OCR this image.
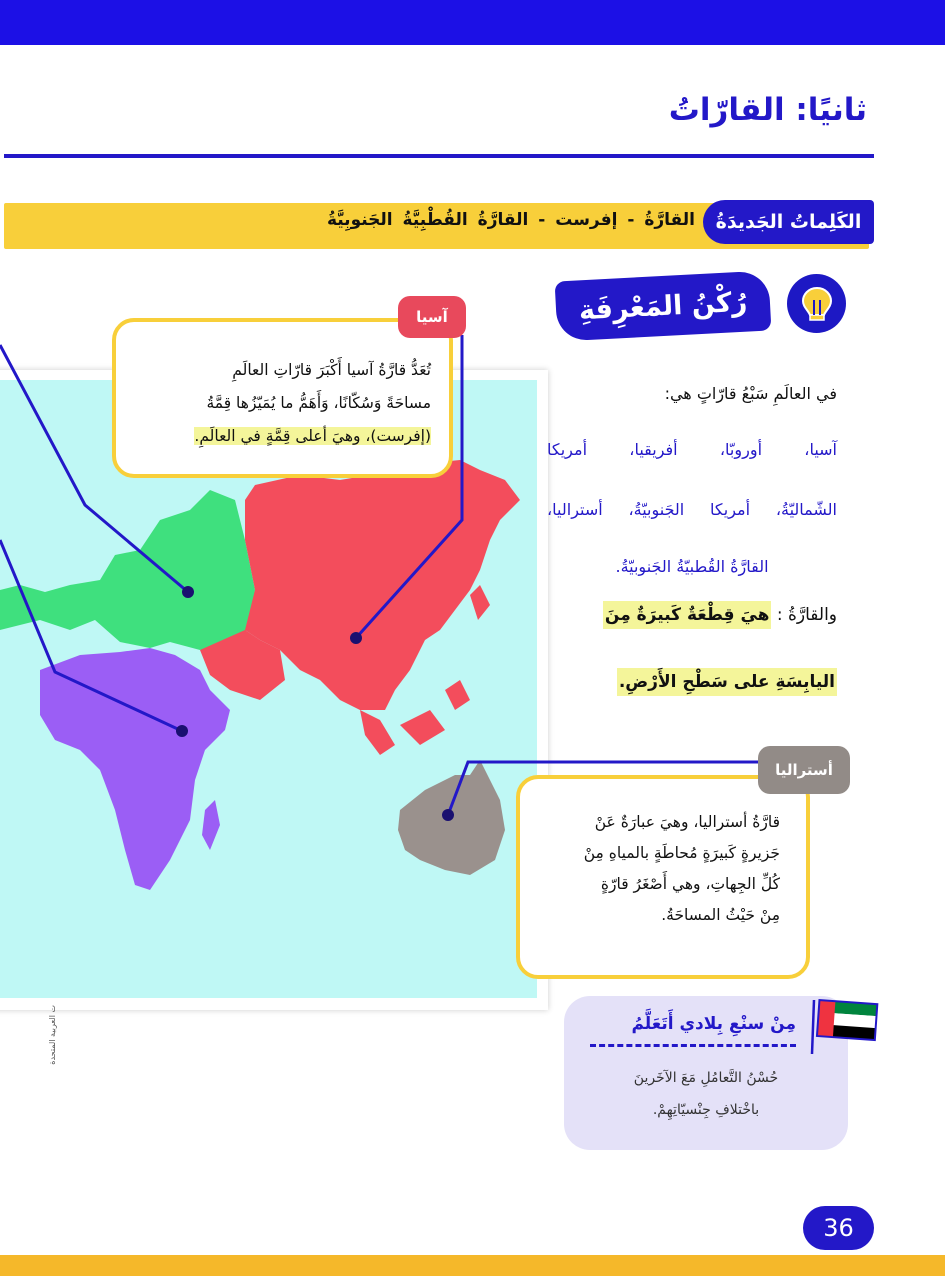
ثانيًا: القارّاتُ
القارَّةُ - إفرست - القارَّةُ القُطْبِيَّةُ الجَنوبِيَّةُ	الكَلِماتُ الجَديدَةُ
تُعَدُّ قارَّةُ آسيا أَكْبَرَ قارّاتِ العالَمِ
مساحَةً وَسُكّانًا، وَأَهَمُّ ما يُمَيّزُها قِمَّةُ
(إفرست)، وهيَ أعلى قِمَّةٍ في العالَمِ.
آسيا	رُكْنُ المَعْرِفَةِ
في العالَمِ سَبْعُ قارّاتٍ هي:
آسيا، أوروبّا، أفريقيا، أمريكا
الشّماليّةُ، أمريكا الجَنوبيّةُ، أستراليا،
القارَّةُ القُطبيّةُ الجَنوبيّةُ.
والقارَّةُ : هيَ قِطْعَةٌ كَبيرَةٌ مِنَ
اليابِسَةِ على سَطْحِ الأَرْضِ.
قارَّةُ أستراليا، وهيَ عبارَةٌ عَنْ
جَزيرةٍ كَبيرَةٍ مُحاطَةٍ بالمياهِ مِنْ
كُلِّ الجِهاتِ، وهي أَصْغَرُ قارّةٍ
مِنْ حَيْثُ المساحَةُ.
أستراليا
مِنْ سنْعِ بِلادي أَتَعَلَّمُ
حُسْنُ التَّعامُلِ مَعَ الآخَرينَ
باخْتلافِ جِنْسيّاتِهِمْ.
ت العربية المتحدة
36
